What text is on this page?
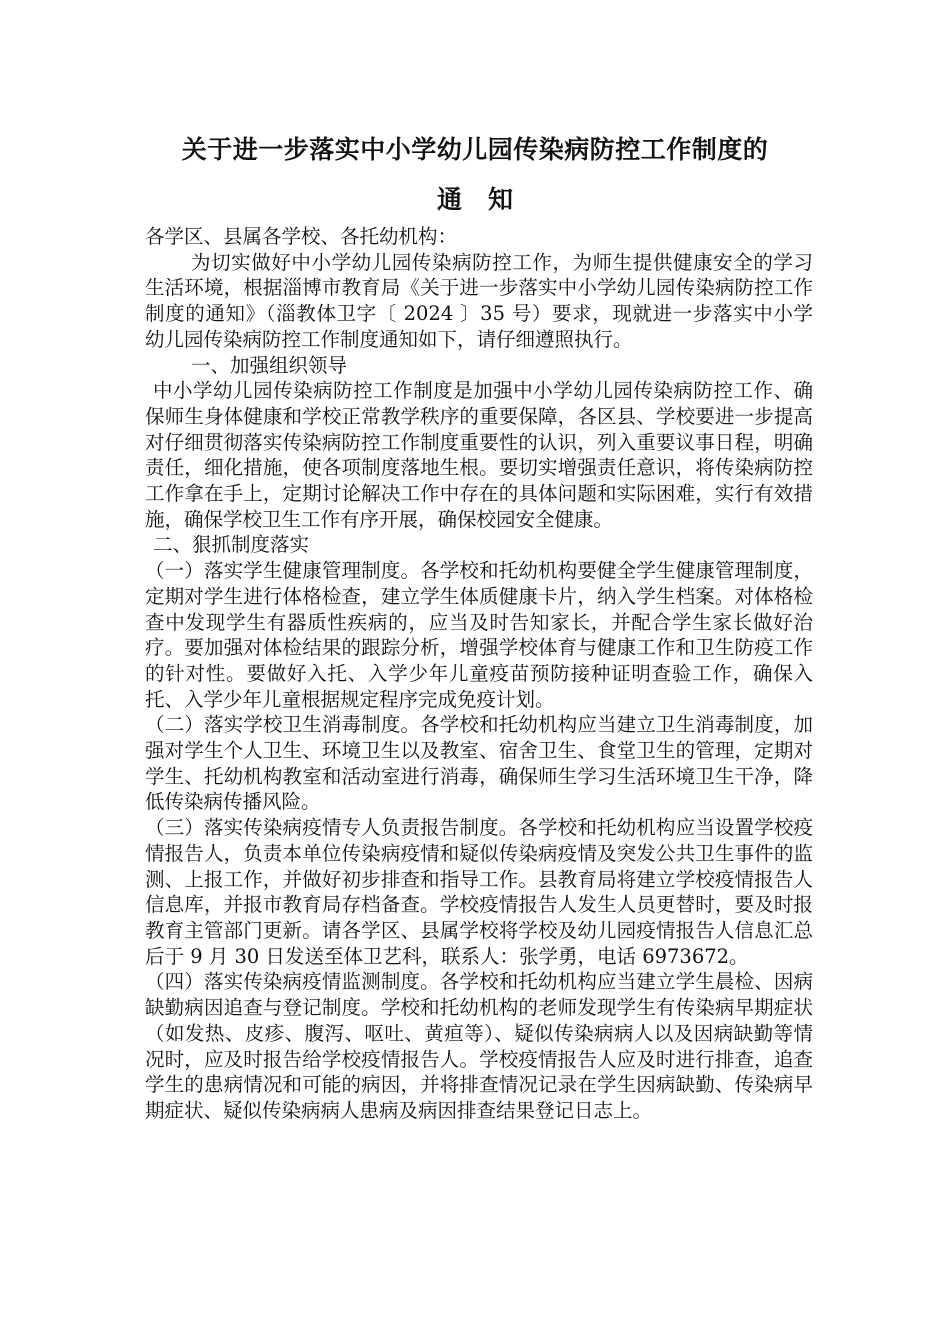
关于进一步落实中小学幼儿园传染病防控工作制度的
通知

各学区、县属各学校、各托幼机构：

为切实做好中小学幼儿园传染病防控工作，为师生提供健康安全的学习生活环境，根据淄博市教育局《关于进一步落实中小学幼儿园传染病防控工作制度的通知》（淄教体卫字〔 2024 〕35 号）要求，现就进一步落实中小学幼儿园传染病防控工作制度通知如下，请仔细遵照执行。

一、加强组织领导

中小学幼儿园传染病防控工作制度是加强中小学幼儿园传染病防控工作、确保师生身体健康和学校正常教学秩序的重要保障，各区县、学校要进一步提高对仔细贯彻落实传染病防控工作制度重要性的认识，列入重要议事日程，明确责任，细化措施，使各项制度落地生根。要切实增强责任意识，将传染病防控工作拿在手上，定期讨论解决工作中存在的具体问题和实际困难，实行有效措施，确保学校卫生工作有序开展，确保校园安全健康。

二、狠抓制度落实

（一）落实学生健康管理制度。各学校和托幼机构要健全学生健康管理制度，定期对学生进行体格检查，建立学生体质健康卡片，纳入学生档案。对体格检查中发现学生有器质性疾病的，应当及时告知家长，并配合学生家长做好治疗。要加强对体检结果的跟踪分析，增强学校体育与健康工作和卫生防疫工作的针对性。要做好入托、入学少年儿童疫苗预防接种证明查验工作，确保入托、入学少年儿童根据规定程序完成免疫计划。

（二）落实学校卫生消毒制度。各学校和托幼机构应当建立卫生消毒制度，加强对学生个人卫生、环境卫生以及教室、宿舍卫生、食堂卫生的管理，定期对学生、托幼机构教室和活动室进行消毒，确保师生学习生活环境卫生干净，降低传染病传播风险。

（三）落实传染病疫情专人负责报告制度。各学校和托幼机构应当设置学校疫情报告人，负责本单位传染病疫情和疑似传染病疫情及突发公共卫生事件的监测、上报工作，并做好初步排查和指导工作。县教育局将建立学校疫情报告人信息库，并报市教育局存档备查。学校疫情报告人发生人员更替时，要及时报教育主管部门更新。请各学区、县属学校将学校及幼儿园疫情报告人信息汇总后于 9 月 30 日发送至体卫艺科，联系人：张学勇，电话 6973672。

（四）落实传染病疫情监测制度。各学校和托幼机构应当建立学生晨检、因病缺勤病因追查与登记制度。学校和托幼机构的老师发现学生有传染病早期症状（如发热、皮疹、腹泻、呕吐、黄疸等）、疑似传染病病人以及因病缺勤等情况时，应及时报告给学校疫情报告人。学校疫情报告人应及时进行排查，追查学生的患病情况和可能的病因，并将排查情况记录在学生因病缺勤、传染病早期症状、疑似传染病病人患病及病因排查结果登记日志上。
